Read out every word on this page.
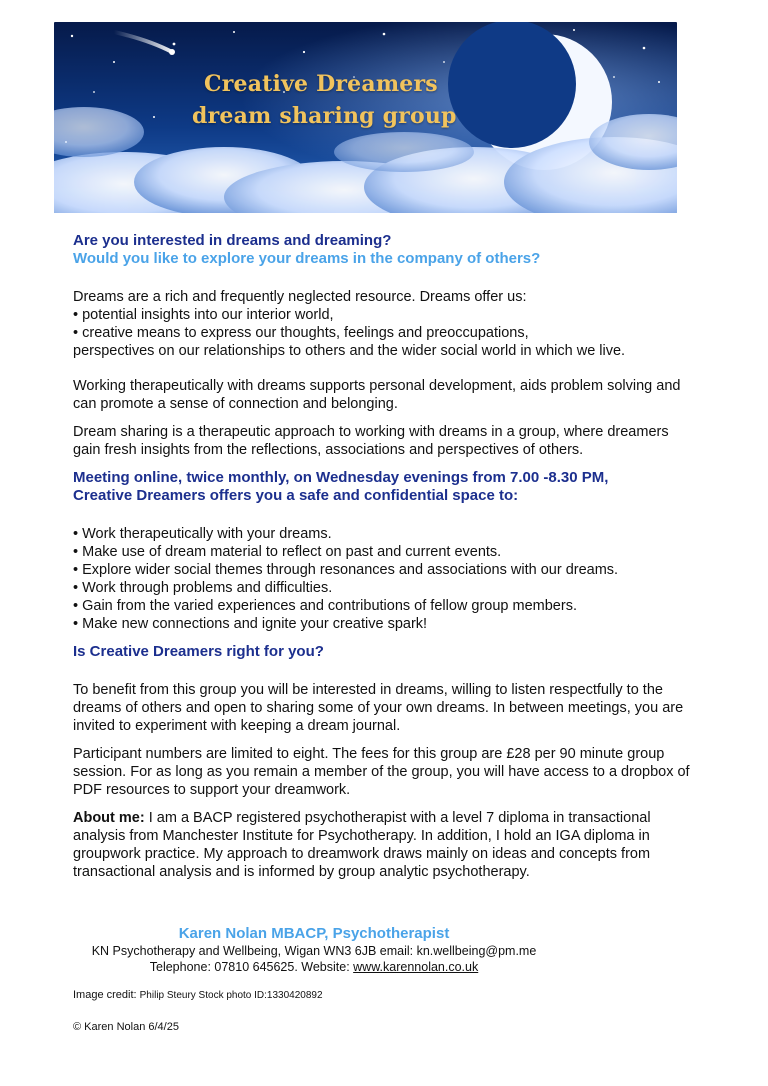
Creative Dreamers
dream sharing group

Are you interested in dreams and dreaming?

Would you like to explore your dreams in the company of others?

Dreams are a rich and frequently neglected resource. Dreams offer us:

• potential insights into our interior world,

• creative means to express our thoughts, feelings and preoccupations,

perspectives on our relationships to others and the wider social world in which we live.

Working therapeutically with dreams supports personal development, aids problem solving and can promote a sense of connection and belonging.

Dream sharing is a therapeutic approach to working with dreams in a group, where dreamers gain fresh insights from the reflections, associations and perspectives of others.

Meeting online, twice monthly, on Wednesday evenings from 7.00 -8.30 PM,

Creative Dreamers offers you a safe and confidential space to:

• Work therapeutically with your dreams.
• Make use of dream material to reflect on past and current events.
• Explore wider social themes through resonances and associations with our dreams.
• Work through problems and difficulties.
• Gain from the varied experiences and contributions of fellow group members.
• Make new connections and ignite your creative spark!

Is Creative Dreamers right for you?

To benefit from this group you will be interested in dreams, willing to listen respectfully to the dreams of others and open to sharing some of your own dreams. In between meetings, you are invited to experiment with keeping a dream journal.

Participant numbers are limited to eight. The fees for this group are £28 per 90 minute group session. For as long as you remain a member of the group, you will have access to a dropbox of PDF resources to support your dreamwork.

About me: I am a BACP registered psychotherapist with a level 7 diploma in transactional analysis from Manchester Institute for Psychotherapy. In addition, I hold an IGA diploma in groupwork practice. My approach to dreamwork draws mainly on ideas and concepts from transactional analysis and is informed by group analytic psychotherapy.

Karen Nolan MBACP, Psychotherapist
KN Psychotherapy and Wellbeing, Wigan WN3 6JB email: kn.wellbeing@pm.me
Telephone: 07810 645625. Website: www.karennolan.co.uk
Image credit: Philip Steury Stock photo ID:1330420892
© Karen Nolan 6/4/25
